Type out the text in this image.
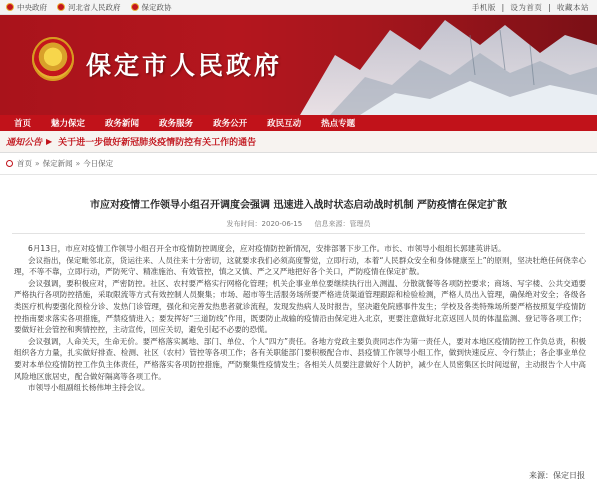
中央政府	河北省人民政府	保定政协	手机版  |  设为首页  |  收藏本站
保定市人民政府
首页	魅力保定	政务新闻	政务服务	政务公开	政民互动	热点专题
通知公告 ▶ 关于进一步做好新冠肺炎疫情防控有关工作的通告
首页 » 保定新闻 » 今日保定
市应对疫情工作领导小组召开调度会强调 迅速进入战时状态启动战时机制 严防疫情在保定扩散
发布时间：2020-06-15 信息来源：管理员

6月13日，市应对疫情工作领导小组召开全市疫情防控调度会，应对疫情防控新情况，安排部署下步工作。市长、市领导小组组长郭建英讲话。

会议指出，保定毗邻北京，货运往来、人员往来十分密切，这就要求我们必须高度警觉，立即行动，本着“人民群众安全和身体健康至上”的原则，坚决牡绝任何侥幸心理，不等不靠，立即行动，严防死守、精准施治、有效管控，慎之又慎、严之又严地把好各个关口，严防疫情在保定扩散。

会议强调，要积极应对，严密防控。社区、农村要严格实行网格化管理；机关企事业单位要继续执行出入测温、分散就餐等各项防控要求；商场、写字楼、公共交通要严格执行各项防控措施，采取限流等方式有效控制人员聚集；市场、超市等生活服务场所要严格进货渠道管理跟踪和检验检测，严格人员出入管理，确保绝对安全；各级各类医疗机构要强化预检分诊、发热门诊管理，强化和完善发热患者就诊流程，发现发热病人及时报告，坚决避免院感事件发生；学校及各类特殊场所要严格按照复学疫情防控指南要求落实各项措施，严禁疫情进入；要发挥好“三道防线”作用，既要防止战输的疫情沿由保定进入北京，更要注意做好北京返回人员的体温监测、登记等各项工作；要做好社会管控和舆情控控，主动宣传，回应关切，避免引起不必要的恐慌。

会议强调，人命关天，生命无价。要严格落实属地、部门、单位、个人“四方”责任。各地方党政主要负责同志作为第一责任人，要对本地区疫情防控工作负总责，积极组织各方力量，扎实做好排查、检测、社区（农村）管控等各项工作；各有关职能部门要积极配合市、县疫情工作领导小组工作，做到快速反应、令行禁止；各企事业单位要对本单位疫情防控工作负主体责任，严格落实各项防控措施，严防聚集性疫情发生；各相关人员要注意做好个人防护，减少在人员密集区长时间逗留，主动报告个人中高风险地区旅居史，配合做好隔离等各项工作。

市领导小组副组长杨伟坤主持会议。

来源：保定日报
